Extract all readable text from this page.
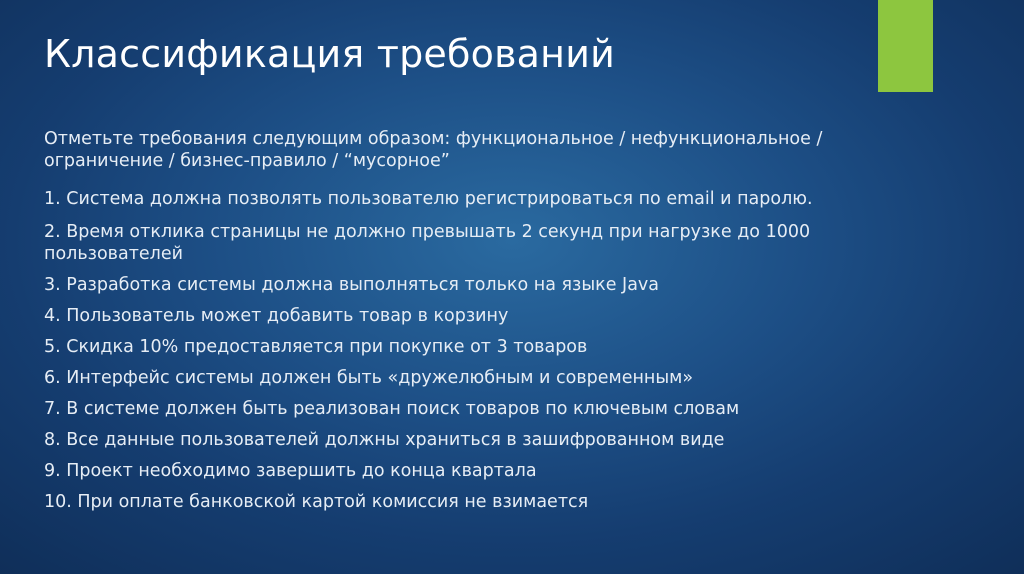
Классификация требований
Отметьте требования следующим образом: функциональное / нефункциональное /
ограничение / бизнес-правило / “мусорное”
1. Система должна позволять пользователю регистрироваться по email и паролю.
2. Время отклика страницы не должно превышать 2 секунд при нагрузке до 1000
пользователей
3. Разработка системы должна выполняться только на языке Java
4. Пользователь может добавить товар в корзину
5. Скидка 10% предоставляется при покупке от 3 товаров
6. Интерфейс системы должен быть «дружелюбным и современным»
7. В системе должен быть реализован поиск товаров по ключевым словам
8. Все данные пользователей должны храниться в зашифрованном виде
9. Проект необходимо завершить до конца квартала
10. При оплате банковской картой комиссия не взимается
